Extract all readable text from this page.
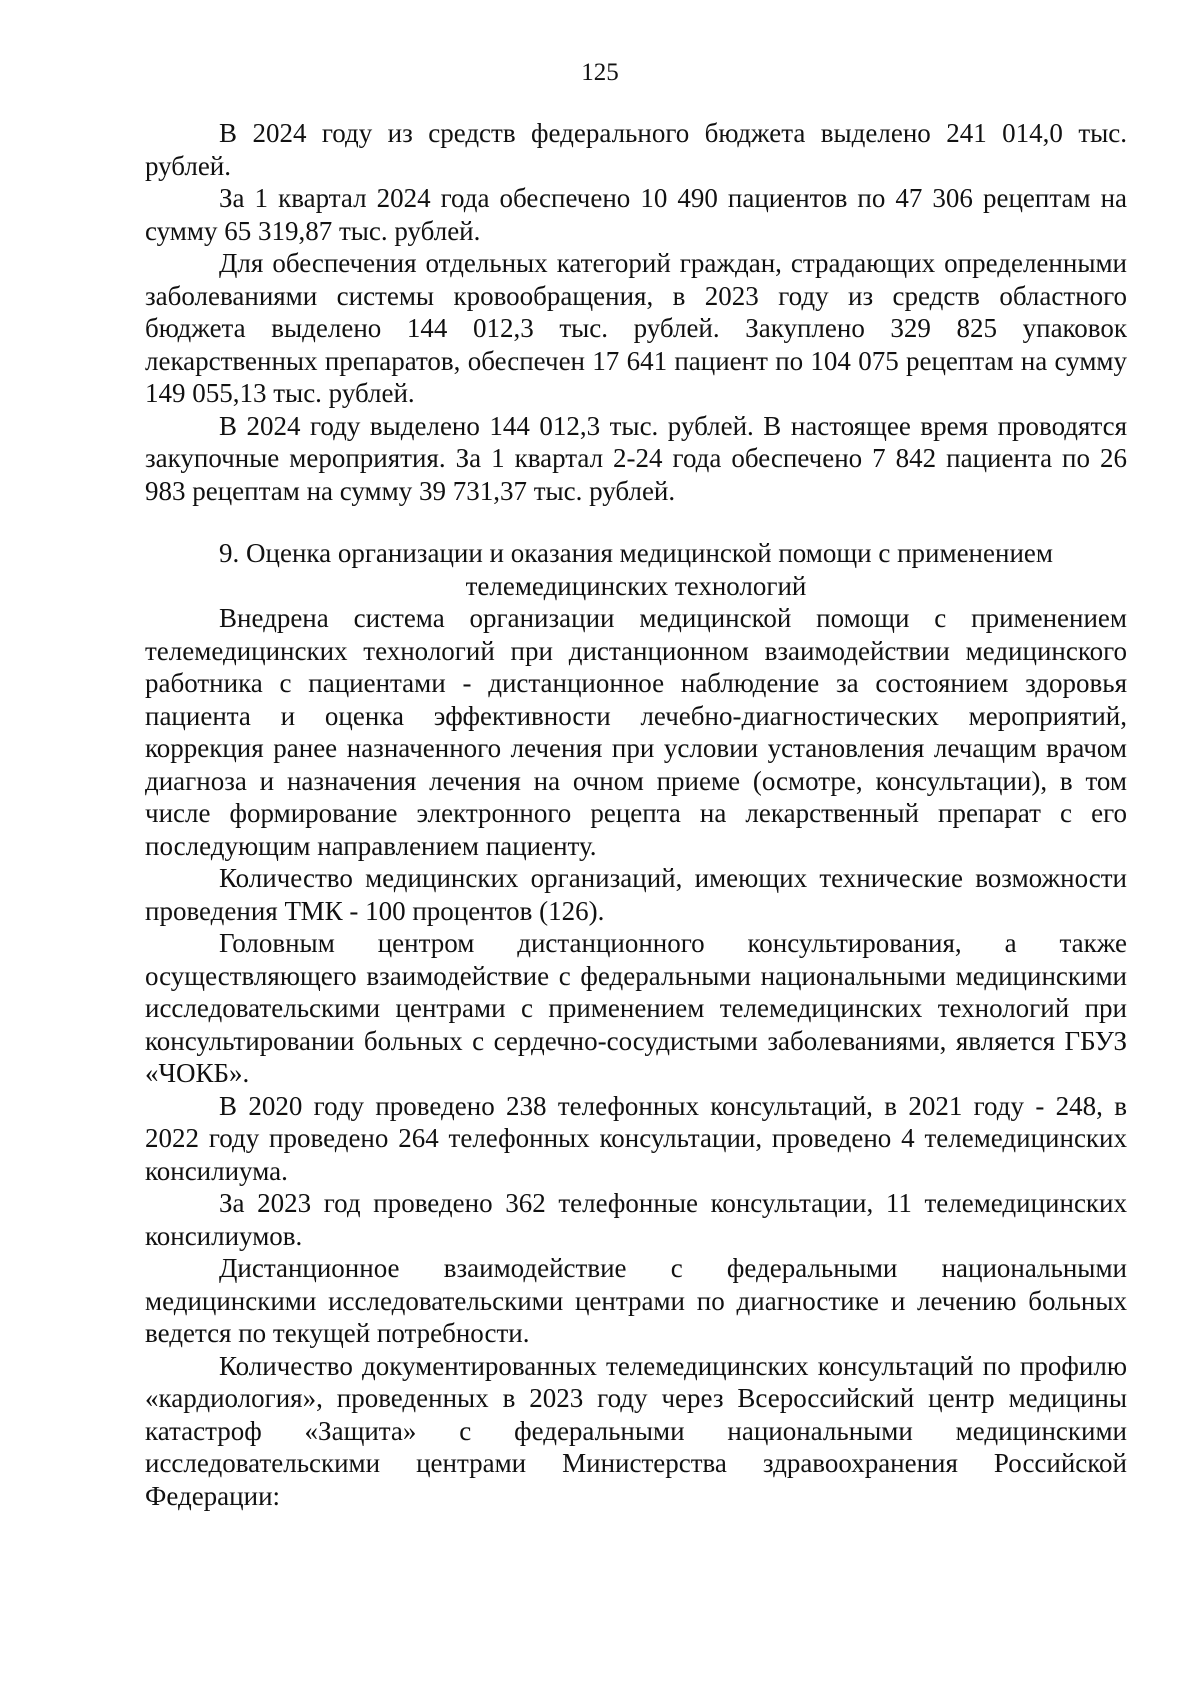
125

В 2024 году из средств федерального бюджета выделено 241 014,0 тыс. рублей.

За 1 квартал 2024 года обеспечено 10 490 пациентов по 47 306 рецептам на сумму 65 319,87 тыс. рублей.

Для обеспечения отдельных категорий граждан, страдающих определенными заболеваниями системы кровообращения, в 2023 году из средств областного бюджета выделено 144 012,3 тыс. рублей. Закуплено 329 825 упаковок лекарственных препаратов, обеспечен 17 641 пациент по 104 075 рецептам на сумму 149 055,13 тыс. рублей.

В 2024 году выделено 144 012,3 тыс. рублей. В настоящее время проводятся закупочные мероприятия. За 1 квартал 2-24 года обеспечено 7 842 пациента по 26 983 рецептам на сумму 39 731,37 тыс. рублей.

9. Оценка организации и оказания медицинской помощи с применением
телемедицинских технологий

Внедрена система организации медицинской помощи с применением телемедицинских технологий при дистанционном взаимодействии медицинского работника с пациентами - дистанционное наблюдение за состоянием здоровья пациента и оценка эффективности лечебно-диагностических мероприятий, коррекция ранее назначенного лечения при условии установления лечащим врачом диагноза и назначения лечения на очном приеме (осмотре, консультации), в том числе формирование электронного рецепта на лекарственный препарат с его последующим направлением пациенту.

Количество медицинских организаций, имеющих технические возможности проведения ТМК - 100 процентов (126).

Головным центром дистанционного консультирования, а также осуществляющего взаимодействие с федеральными национальными медицинскими исследовательскими центрами с применением телемедицинских технологий при консультировании больных с сердечно-сосудистыми заболеваниями, является ГБУЗ «ЧОКБ».

В 2020 году проведено 238 телефонных консультаций, в 2021 году - 248, в 2022 году проведено 264 телефонных консультации, проведено 4 телемедицинских консилиума.

За 2023 год проведено 362 телефонные консультации, 11 телемедицинских консилиумов.

Дистанционное взаимодействие с федеральными национальными медицинскими исследовательскими центрами по диагностике и лечению больных ведется по текущей потребности.

Количество документированных телемедицинских консультаций по профилю «кардиология», проведенных в 2023 году через Всероссийский центр медицины катастроф «Защита» с федеральными национальными медицинскими исследовательскими центрами Министерства здравоохранения Российской Федерации:
